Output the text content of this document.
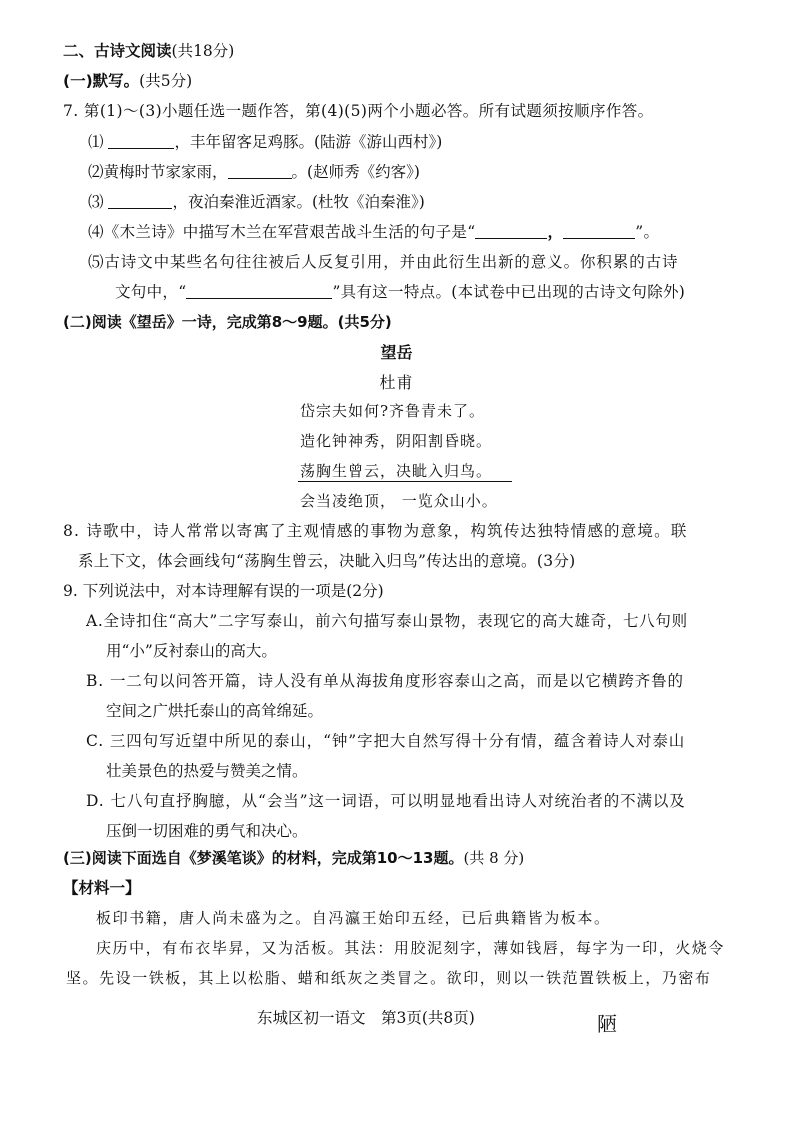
二、古诗文阅读(共18分)
(一)默写。(共5分)
7. 第(1)～(3)小题任选一题作答，第(4)(5)两个小题必答。所有试题须按顺序作答。
⑴	，丰年留客足鸡豚。(陆游《游山西村》)
⑵黄梅时节家家雨，	。(赵师秀《约客》)
⑶	，夜泊秦淮近酒家。(杜牧《泊秦淮》)
⑷《木兰诗》中描写木兰在军营艰苦战斗生活的句子是“	，	”。
⑸古诗文中某些名句往往被后人反复引用，并由此衍生出新的意义。你积累的古诗
文句中，“	”具有这一特点。(本试卷中已出现的古诗文句除外)
(二)阅读《望岳》一诗，完成第8～9题。(共5分)
望岳
杜甫
岱宗夫如何?齐鲁青未了。
造化钟神秀，阴阳割昏晓。
荡胸生曾云，决眦入归鸟。
会当凌绝顶， 一览众山小。
8. 诗歌中，诗人常常以寄寓了主观情感的事物为意象，构筑传达独特情感的意境。联
系上下文，体会画线句“荡胸生曾云，决眦入归鸟”传达出的意境。(3分)
9. 下列说法中，对本诗理解有误的一项是(2分)
A.全诗扣住“高大”二字写泰山，前六句描写泰山景物，表现它的高大雄奇，七八句则
用“小”反衬泰山的高大。
B. 一二句以问答开篇，诗人没有单从海拔角度形容泰山之高，而是以它横跨齐鲁的
空间之广烘托泰山的高耸绵延。
C. 三四句写近望中所见的泰山，“钟”字把大自然写得十分有情，蕴含着诗人对泰山
壮美景色的热爱与赞美之情。
D. 七八句直抒胸臆，从“会当”这一词语，可以明显地看出诗人对统治者的不满以及
压倒一切困难的勇气和决心。
(三)阅读下面选自《梦溪笔谈》的材料，完成第10～13题。(共 8 分)
【材料一】
板印书籍，唐人尚未盛为之。自冯瀛王始印五经，已后典籍皆为板本。
庆历中，有布衣毕昇，又为活板。其法：用胶泥刻字，薄如钱唇，每字为一印，火烧令
坚。先设一铁板，其上以松脂、蜡和纸灰之类冒之。欲印，则以一铁范置铁板上，乃密布
东城区初一语文　第3页(共8页)	陋
